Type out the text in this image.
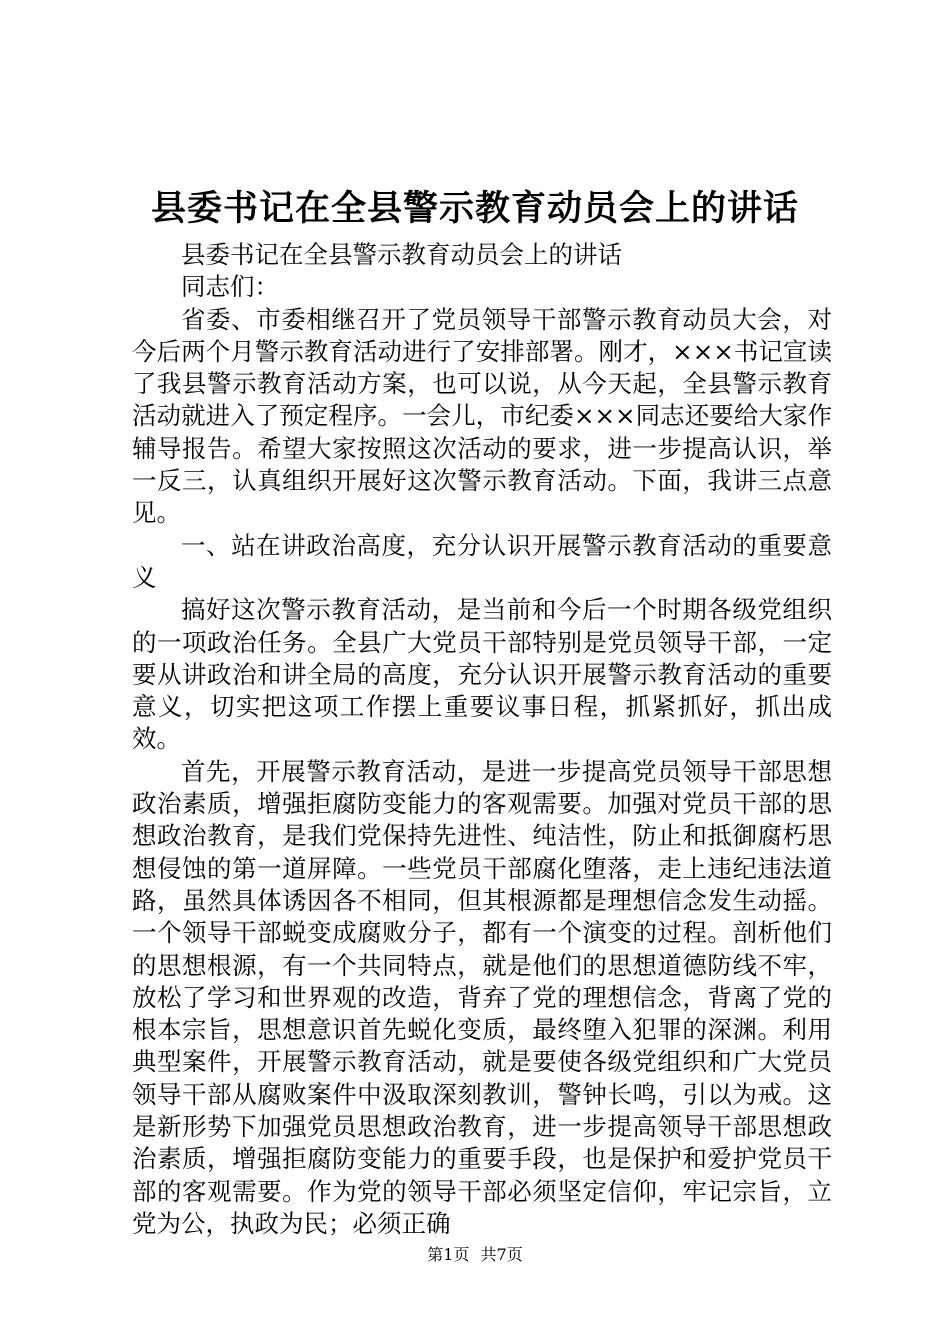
县委书记在全县警示教育动员会上的讲话

县委书记在全县警示教育动员会上的讲话

同志们：

省委、市委相继召开了党员领导干部警示教育动员大会，对今后两个月警示教育活动进行了安排部署。刚才，×××书记宣读了我县警示教育活动方案，也可以说，从今天起，全县警示教育活动就进入了预定程序。一会儿，市纪委×××同志还要给大家作辅导报告。希望大家按照这次活动的要求，进一步提高认识，举一反三，认真组织开展好这次警示教育活动。下面，我讲三点意见。

一、站在讲政治高度，充分认识开展警示教育活动的重要意义

搞好这次警示教育活动，是当前和今后一个时期各级党组织的一项政治任务。全县广大党员干部特别是党员领导干部，一定要从讲政治和讲全局的高度，充分认识开展警示教育活动的重要意义，切实把这项工作摆上重要议事日程，抓紧抓好，抓出成效。

首先，开展警示教育活动，是进一步提高党员领导干部思想政治素质，增强拒腐防变能力的客观需要。加强对党员干部的思想政治教育，是我们党保持先进性、纯洁性，防止和抵御腐朽思想侵蚀的第一道屏障。一些党员干部腐化堕落，走上违纪违法道路，虽然具体诱因各不相同，但其根源都是理想信念发生动摇。一个领导干部蜕变成腐败分子，都有一个演变的过程。剖析他们的思想根源，有一个共同特点，就是他们的思想道德防线不牢，放松了学习和世界观的改造，背弃了党的理想信念，背离了党的根本宗旨，思想意识首先蜕化变质，最终堕入犯罪的深渊。利用典型案件，开展警示教育活动，就是要使各级党组织和广大党员领导干部从腐败案件中汲取深刻教训，警钟长鸣，引以为戒。这是新形势下加强党员思想政治教育，进一步提高领导干部思想政治素质，增强拒腐防变能力的重要手段，也是保护和爱护党员干部的客观需要。作为党的领导干部必须坚定信仰，牢记宗旨，立党为公，执政为民；必须正确

第1页 共7页
